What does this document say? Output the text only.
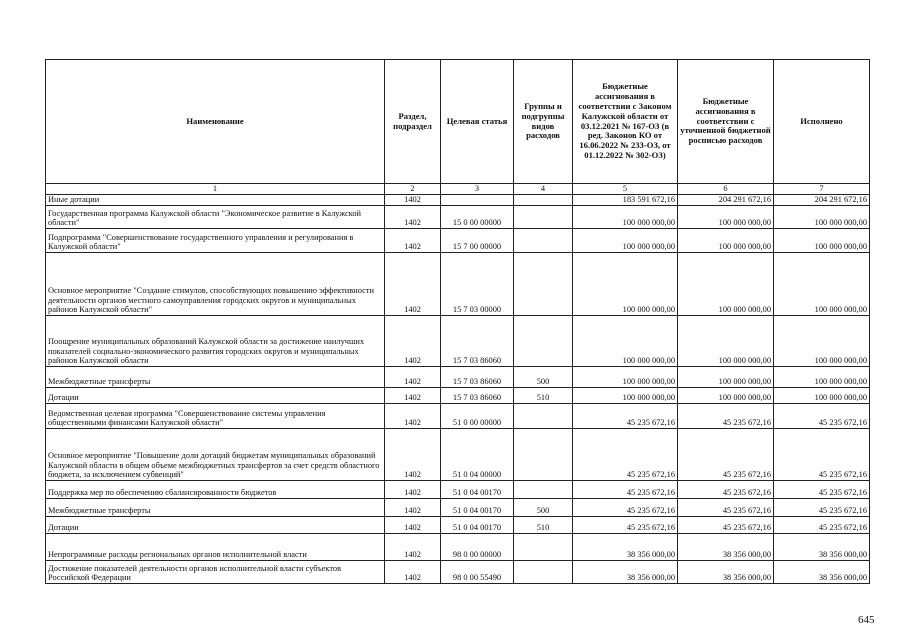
Наименование	Раздел, подраздел	Целевая статья	Группы и подгруппы видов расходов	Бюджетные ассигнования в соответствии с Законом Калужской области от 03.12.2021 № 167-ОЗ (в ред. Законов КО от 16.06.2022 № 233-ОЗ, от 01.12.2022 № 302-ОЗ)	Бюджетные ассигнования в соответствии с уточненной бюджетной росписью расходов	Исполнено
1	2	3	4	5	6	7
Иные дотации	1402			183 591 672,16	204 291 672,16	204 291 672,16
Государственная программа Калужской области "Экономическое развитие в Калужской области"	1402	15 0 00 00000		100 000 000,00	100 000 000,00	100 000 000,00
Подпрограмма "Совершенствование государственного управления и регулирования в Калужской области"	1402	15 7 00 00000		100 000 000,00	100 000 000,00	100 000 000,00
Основное мероприятие "Создание стимулов, способствующих повышению эффективности деятельности органов местного самоуправления городских округов и муниципальных районов Калужской области"	1402	15 7 03 00000		100 000 000,00	100 000 000,00	100 000 000,00
Поощрение муниципальных образований Калужской области за достижение наилучших показателей социально-экономического развития городских округов и муниципальных районов Калужской области	1402	15 7 03 86060		100 000 000,00	100 000 000,00	100 000 000,00
Межбюджетные трансферты	1402	15 7 03 86060	500	100 000 000,00	100 000 000,00	100 000 000,00
Дотации	1402	15 7 03 86060	510	100 000 000,00	100 000 000,00	100 000 000,00
Ведомственная целевая программа "Совершенствование системы управления общественными финансами Калужской области"	1402	51 0 00 00000		45 235 672,16	45 235 672,16	45 235 672,16
Основное мероприятие "Повышение доли дотаций бюджетам муниципальных образований Калужской области в общем объеме межбюджетных трансфертов за счет средств областного бюджета, за исключением субвенций"	1402	51 0 04 00000		45 235 672,16	45 235 672,16	45 235 672,16
Поддержка мер по обеспечению сбалансированности бюджетов	1402	51 0 04 00170		45 235 672,16	45 235 672,16	45 235 672,16
Межбюджетные трансферты	1402	51 0 04 00170	500	45 235 672,16	45 235 672,16	45 235 672,16
Дотации	1402	51 0 04 00170	510	45 235 672,16	45 235 672,16	45 235 672,16
Непрограммные расходы региональных органов исполнительной власти	1402	98 0 00 00000		38 356 000,00	38 356 000,00	38 356 000,00
Достижение показателей деятельности органов исполнительной власти субъектов Российской Федерации	1402	98 0 00 55490		38 356 000,00	38 356 000,00	38 356 000,00
645
